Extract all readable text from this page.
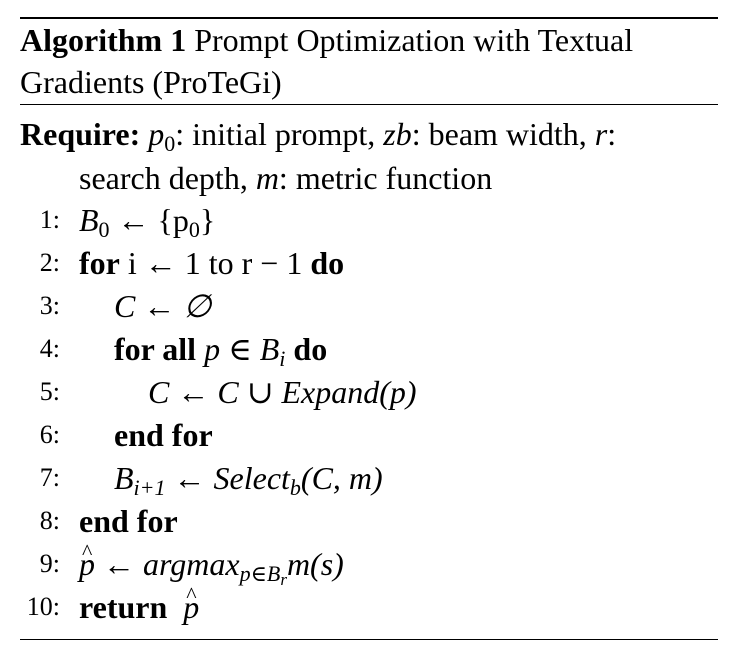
Algorithm 1 Prompt Optimization with Textual
Gradients (ProTeGi)
Require: $p_0$: initial prompt, zb: beam width, r:
search depth, m: metric function
1: $B_0$ ← $\{p_0\}$
2: for i ← 1 to r − 1 do
3: C ← ∅
4: for all p ∈ $B_i$ do
5:	C ← C ∪ Expand(p)
6: end for
7: $B_{i+1}$ ← Select$_b$(C, m)
8: end for
9: ^ p ← argmax$_{p\in B_r}$m(s)
10: return ^ p
